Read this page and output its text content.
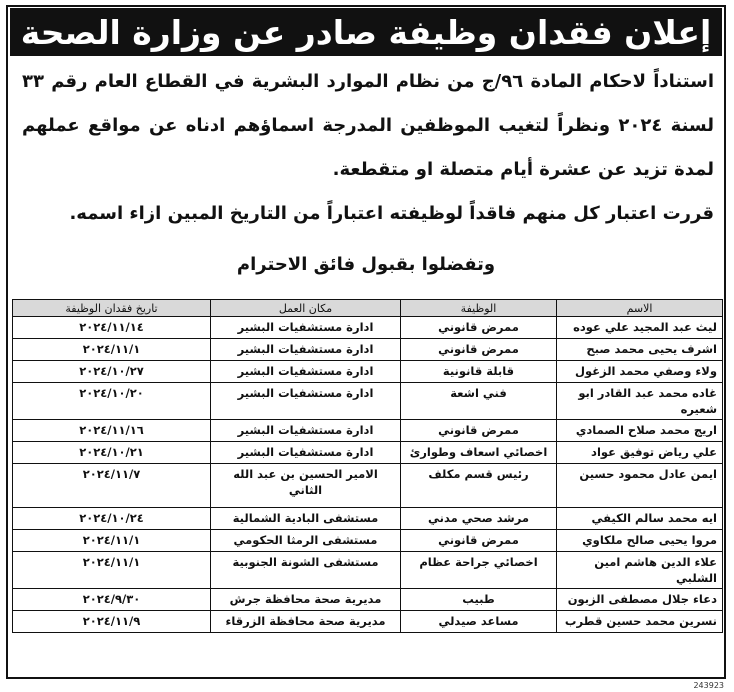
إعلان فقدان وظيفة صادر عن وزارة الصحة

استناداً لاحكام المادة ٩٦/ج من نظام الموارد البشرية في القطاع العام رقم ٣٣ لسنة ٢٠٢٤ ونظراً لتغيب الموظفين المدرجة اسماؤهم ادناه عن مواقع عملهم لمدة تزيد عن عشرة أيام متصلة او متقطعة.

قررت اعتبار كل منهم فاقداً لوظيفته اعتباراً من التاريخ المبين ازاء اسمه.

وتفضلوا بقبول فائق الاحترام
الاسم	الوظيفة	مكان العمل	تاريخ فقدان الوظيفة
ليث عبد المجيد علي عوده	ممرض قانوني	ادارة مستشفيات البشير	٢٠٢٤/١١/١٤
اشرف يحيى محمد صبح	ممرض قانوني	ادارة مستشفيات البشير	٢٠٢٤/١١/١
ولاء وصفي محمد الزغول	قابلة قانونية	ادارة مستشفيات البشير	٢٠٢٤/١٠/٢٧
غاده محمد عبد القادر ابو شعيره	فني اشعة	ادارة مستشفيات البشير	٢٠٢٤/١٠/٢٠
اريج محمد صلاح الصمادي	ممرض قانوني	ادارة مستشفيات البشير	٢٠٢٤/١١/١٦
علي رياض توفيق عواد	اخصائي اسعاف وطوارئ	ادارة مستشفيات البشير	٢٠٢٤/١٠/٢١
ايمن عادل محمود حسين	رئيس قسم مكلف	الامير الحسين بن عبد الله الثاني	٢٠٢٤/١١/٧
ايه محمد سالم الكيفي	مرشد صحي مدني	مستشفى البادية الشمالية	٢٠٢٤/١٠/٢٤
مروا يحيى صالح ملكاوي	ممرض قانوني	مستشفى الرمثا الحكومي	٢٠٢٤/١١/١
علاء الدين هاشم امين الشلبي	اخصائي جراحة عظام	مستشفى الشونة الجنوبية	٢٠٢٤/١١/١
دعاء جلال مصطفى الزبون	طبيب	مديرية صحة محافظة جرش	٢٠٢٤/٩/٣٠
نسرين محمد حسين قطرب	مساعد صيدلي	مديرية صحة محافظة الزرقاء	٢٠٢٤/١١/٩
243923
